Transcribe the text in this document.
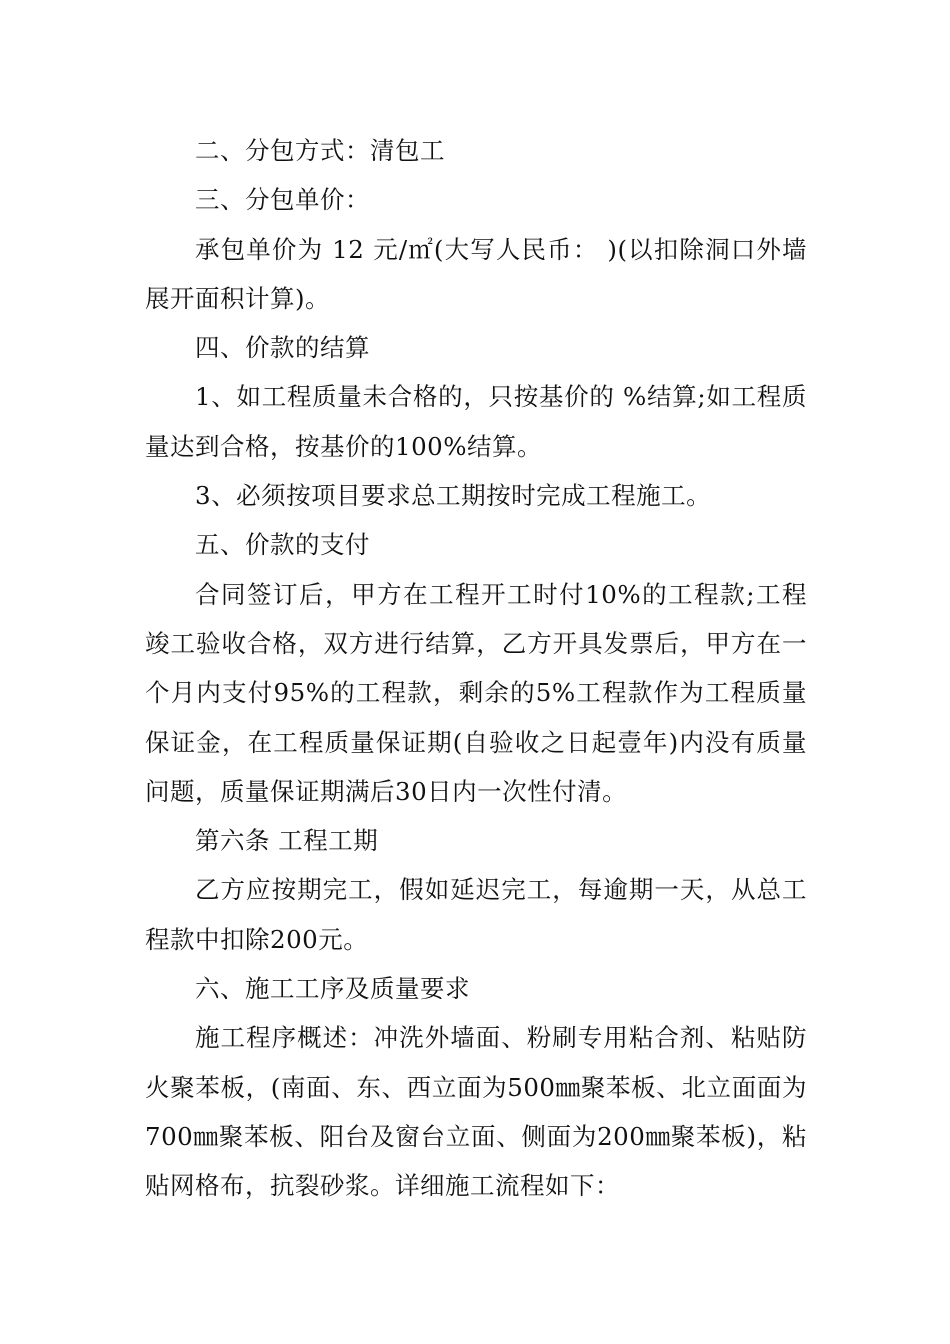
二、分包方式：清包工

三、分包单价：

承包单价为 12 元/㎡(大写人民币： )(以扣除洞口外墙展开面积计算)。

四、价款的结算

1、如工程质量未合格的，只按基价的 %结算;如工程质量达到合格，按基价的100%结算。

3、必须按项目要求总工期按时完成工程施工。

五、价款的支付

合同签订后，甲方在工程开工时付10%的工程款;工程竣工验收合格，双方进行结算，乙方开具发票后，甲方在一个月内支付95%的工程款，剩余的5%工程款作为工程质量保证金，在工程质量保证期(自验收之日起壹年)内没有质量问题，质量保证期满后30日内一次性付清。

第六条 工程工期

乙方应按期完工，假如延迟完工，每逾期一天，从总工程款中扣除200元。

六、施工工序及质量要求

施工程序概述：冲洗外墙面、粉刷专用粘合剂、粘贴防火聚苯板，(南面、东、西立面为500㎜聚苯板、北立面面为700㎜聚苯板、阳台及窗台立面、侧面为200㎜聚苯板)，粘贴网格布，抗裂砂浆。详细施工流程如下：
